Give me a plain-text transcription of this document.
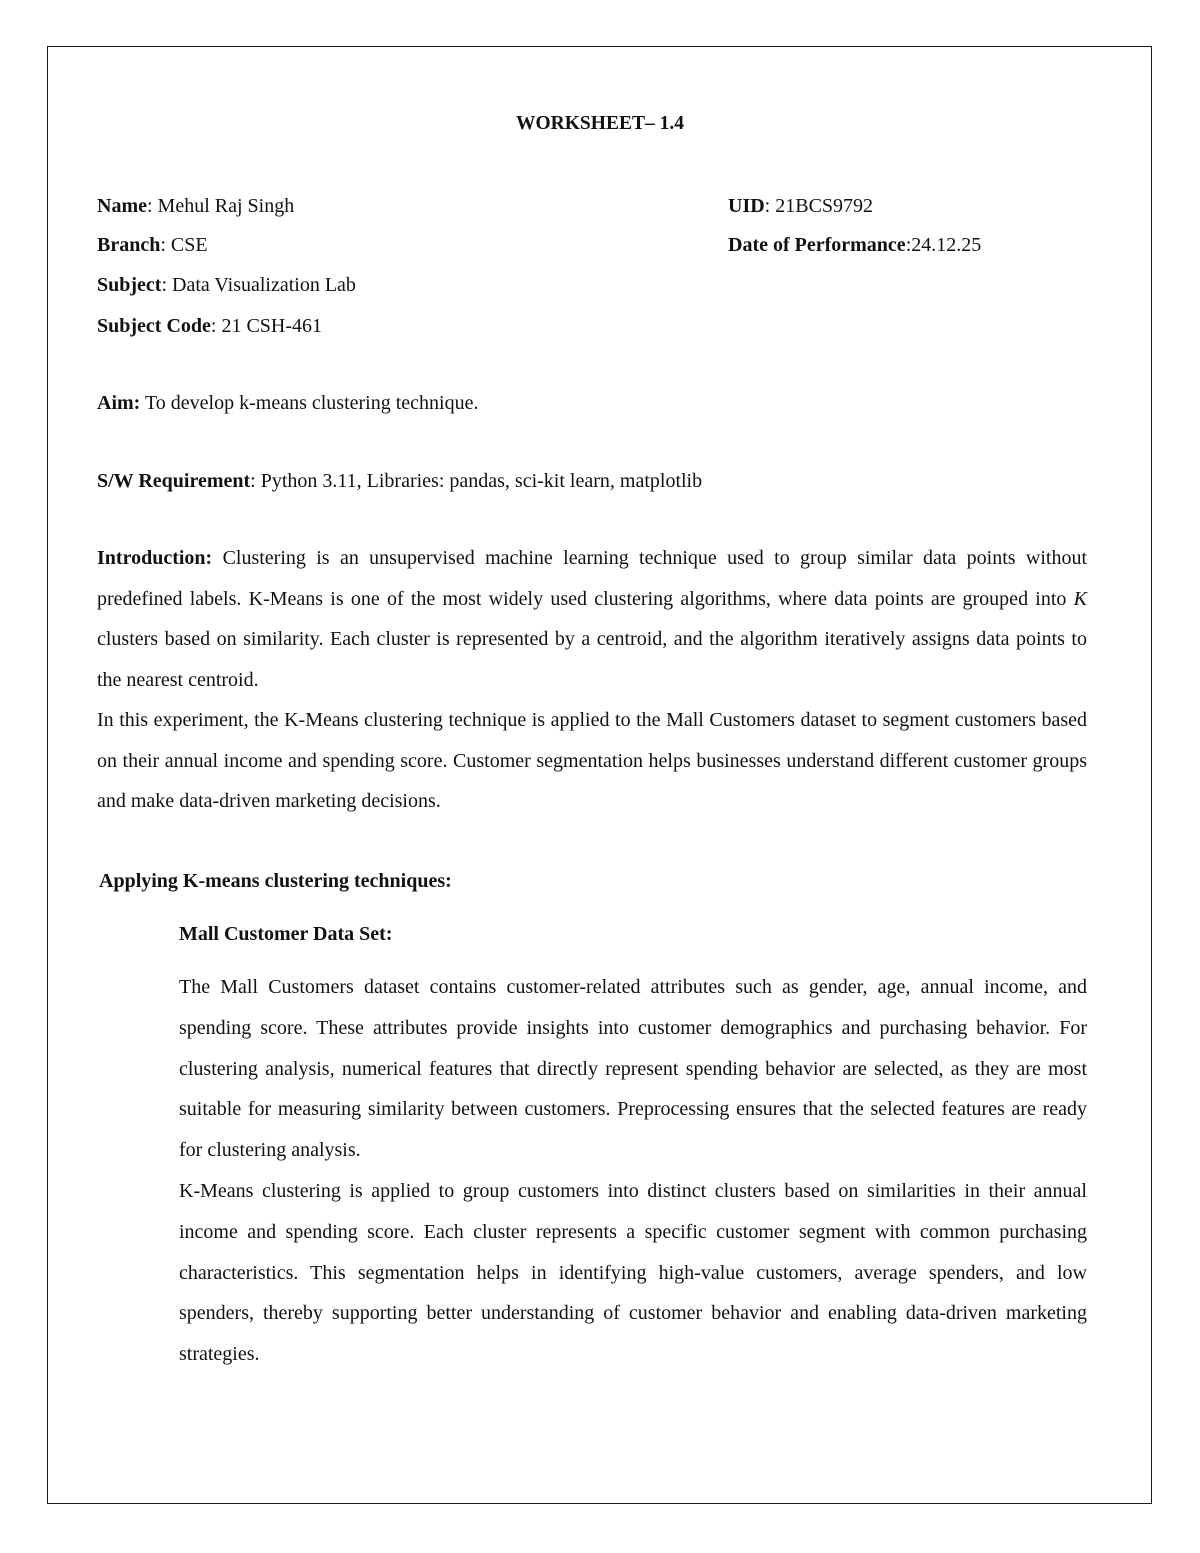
WORKSHEET– 1.4
Name: Mehul Raj Singh	UID: 21BCS9792
Branch: CSE	Date of Performance:24.12.25
Subject: Data Visualization Lab
Subject Code: 21 CSH-461
Aim: To develop k-means clustering technique.
S/W Requirement: Python 3.11, Libraries: pandas, sci-kit learn, matplotlib

Introduction: Clustering is an unsupervised machine learning technique used to group similar data points without predefined labels. K-Means is one of the most widely used clustering algorithms, where data points are grouped into K clusters based on similarity. Each cluster is represented by a centroid, and the algorithm iteratively assigns data points to the nearest centroid.

In this experiment, the K-Means clustering technique is applied to the Mall Customers dataset to segment customers based on their annual income and spending score. Customer segmentation helps businesses understand different customer groups and make data-driven marketing decisions.

Applying K-means clustering techniques:
Mall Customer Data Set:

The Mall Customers dataset contains customer-related attributes such as gender, age, annual income, and spending score. These attributes provide insights into customer demographics and purchasing behavior. For clustering analysis, numerical features that directly represent spending behavior are selected, as they are most suitable for measuring similarity between customers. Preprocessing ensures that the selected features are ready for clustering analysis.

K-Means clustering is applied to group customers into distinct clusters based on similarities in their annual income and spending score. Each cluster represents a specific customer segment with common purchasing characteristics. This segmentation helps in identifying high-value customers, average spenders, and low spenders, thereby supporting better understanding of customer behavior and enabling data-driven marketing strategies.
